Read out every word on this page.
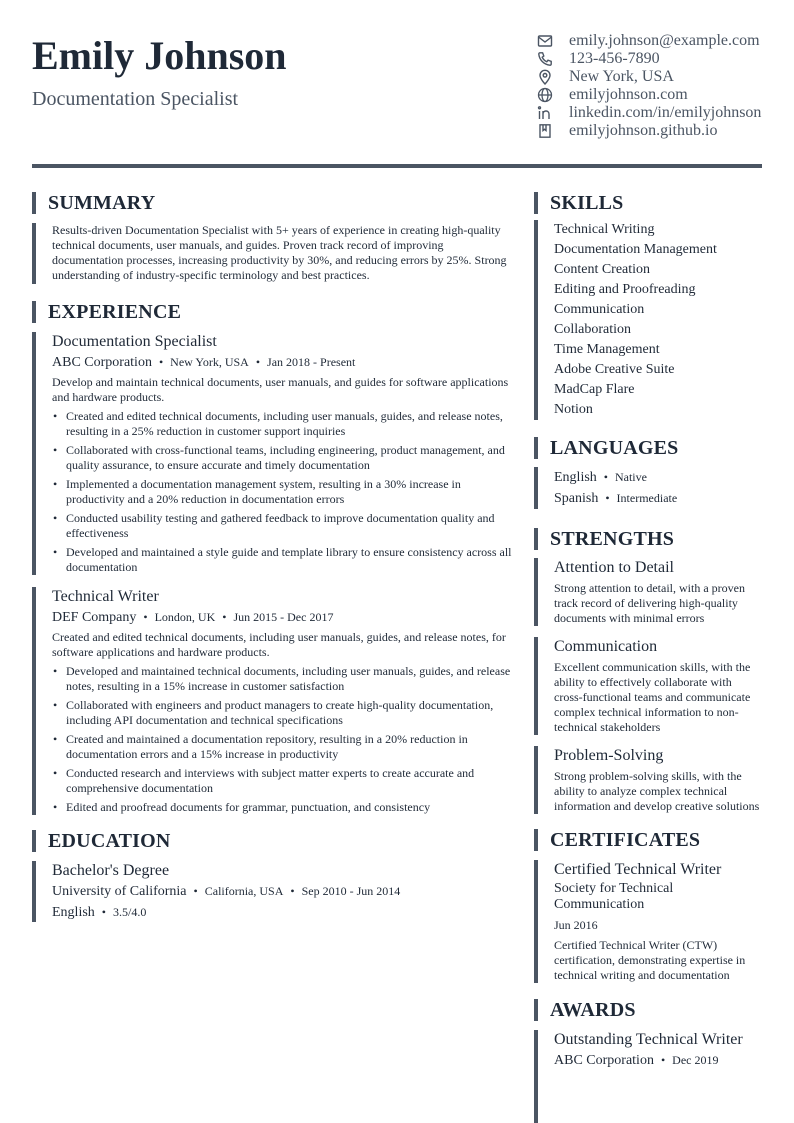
Emily Johnson
Documentation Specialist
emily.johnson@example.com
123-456-7890
New York, USA
emilyjohnson.com
linkedin.com/in/emilyjohnson
emilyjohnson.github.io
SUMMARY
Results-driven Documentation Specialist with 5+ years of experience in creating high-quality technical documents, user manuals, and guides. Proven track record of improving documentation processes, increasing productivity by 30%, and reducing errors by 25%. Strong understanding of industry-specific terminology and best practices.
EXPERIENCE
Documentation Specialist
ABC Corporation • New York, USA • Jan 2018 - Present
Develop and maintain technical documents, user manuals, and guides for software applications and hardware products.
• Created and edited technical documents, including user manuals, guides, and release notes, resulting in a 25% reduction in customer support inquiries
• Collaborated with cross-functional teams, including engineering, product management, and quality assurance, to ensure accurate and timely documentation
• Implemented a documentation management system, resulting in a 30% increase in productivity and a 20% reduction in documentation errors
• Conducted usability testing and gathered feedback to improve documentation quality and effectiveness
• Developed and maintained a style guide and template library to ensure consistency across all documentation
Technical Writer
DEF Company • London, UK • Jun 2015 - Dec 2017
Created and edited technical documents, including user manuals, guides, and release notes, for software applications and hardware products.
• Developed and maintained technical documents, including user manuals, guides, and release notes, resulting in a 15% increase in customer satisfaction
• Collaborated with engineers and product managers to create high-quality documentation, including API documentation and technical specifications
• Created and maintained a documentation repository, resulting in a 20% reduction in documentation errors and a 15% increase in productivity
• Conducted research and interviews with subject matter experts to create accurate and comprehensive documentation
• Edited and proofread documents for grammar, punctuation, and consistency
EDUCATION
Bachelor's Degree
University of California • California, USA • Sep 2010 - Jun 2014
English • 3.5/4.0
SKILLS
Technical Writing
Documentation Management
Content Creation
Editing and Proofreading
Communication
Collaboration
Time Management
Adobe Creative Suite
MadCap Flare
Notion
LANGUAGES
English • Native
Spanish • Intermediate
STRENGTHS
Attention to Detail
Strong attention to detail, with a proven track record of delivering high-quality documents with minimal errors
Communication
Excellent communication skills, with the ability to effectively collaborate with cross-functional teams and communicate complex technical information to non-technical stakeholders
Problem-Solving
Strong problem-solving skills, with the ability to analyze complex technical information and develop creative solutions
CERTIFICATES
Certified Technical Writer
Society for Technical Communication
Jun 2016
Certified Technical Writer (CTW) certification, demonstrating expertise in technical writing and documentation
AWARDS
Outstanding Technical Writer
ABC Corporation • Dec 2019
